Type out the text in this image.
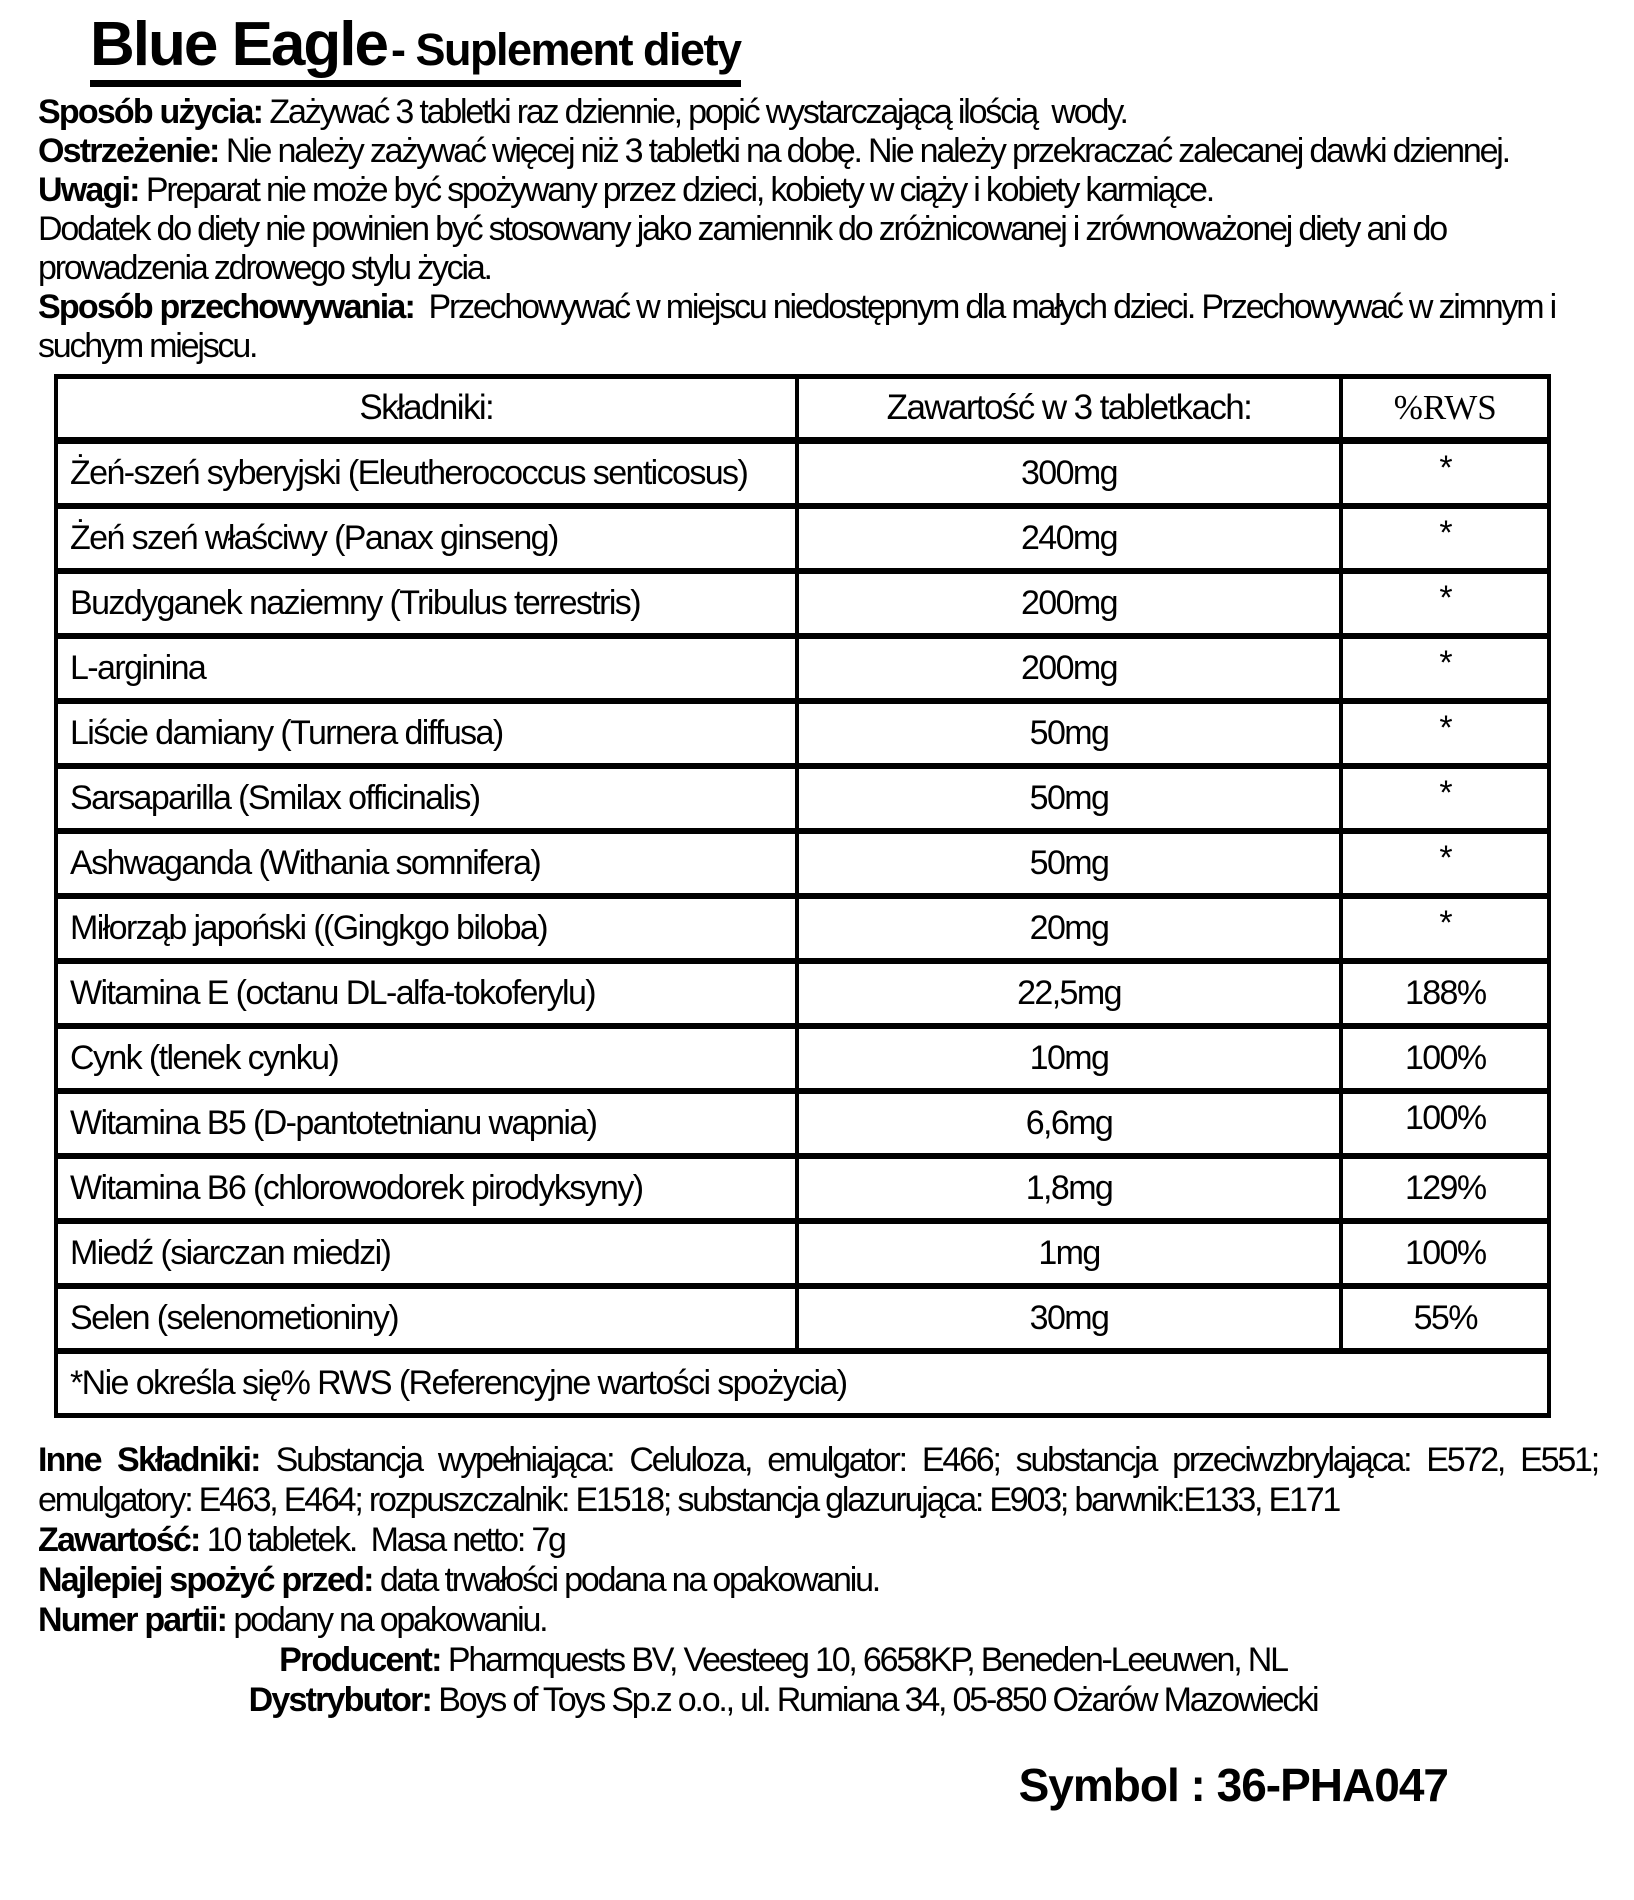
Blue Eagle- Suplement diety

Sposób użycia: Zażywać 3 tabletki raz dziennie, popić wystarczającą ilością  wody.

Ostrzeżenie: Nie należy zażywać więcej niż 3 tabletki na dobę. Nie należy przekraczać zalecanej dawki dziennej.

Uwagi: Preparat nie może być spożywany przez dzieci, kobiety w ciąży i kobiety karmiące.

Dodatek do diety nie powinien być stosowany jako zamiennik do zróżnicowanej i zrównoważonej diety ani do prowadzenia zdrowego stylu życia.

Sposób przechowywania:  Przechowywać w miejscu niedostępnym dla małych dzieci. Przechowywać w zimnym i suchym miejscu.

Składniki:	Zawartość w 3 tabletkach:	%RWS
Żeń-szeń syberyjski (Eleutherococcus senticosus)	300mg	*
Żeń szeń właściwy (Panax ginseng)	240mg	*
Buzdyganek naziemny (Tribulus terrestris)	200mg	*
L-arginina	200mg	*
Liście damiany (Turnera diffusa)	50mg	*
Sarsaparilla (Smilax officinalis)	50mg	*
Ashwaganda (Withania somnifera)	50mg	*
Miłorząb japoński ((Gingkgo biloba)	20mg	*
Witamina E (octanu DL-alfa-tokoferylu)	22,5mg	188%
Cynk (tlenek cynku)	10mg	100%
Witamina B5 (D-pantotetnianu wapnia)	6,6mg	100%
Witamina B6 (chlorowodorek pirodyksyny)	1,8mg	129%
Miedź (siarczan miedzi)	1mg	100%
Selen (selenometioniny)	30mg	55%
*Nie określa się% RWS (Referencyjne wartości spożycia)		

Inne Składniki: Substancja wypełniająca: Celuloza, emulgator: E466; substancja przeciwzbrylająca: E572, E551; emulgatory: E463, E464; rozpuszczalnik: E1518; substancja glazurująca: E903; barwnik:E133, E171

Zawartość: 10 tabletek.  Masa netto: 7g

Najlepiej spożyć przed: data trwałości podana na opakowaniu.

Numer partii: podany na opakowaniu.

Producent: Pharmquests BV, Veesteeg 10, 6658KP, Beneden-Leeuwen, NL

Dystrybutor: Boys of Toys Sp.z o.o., ul. Rumiana 34, 05-850 Ożarów Mazowiecki

Symbol : 36-PHA047
